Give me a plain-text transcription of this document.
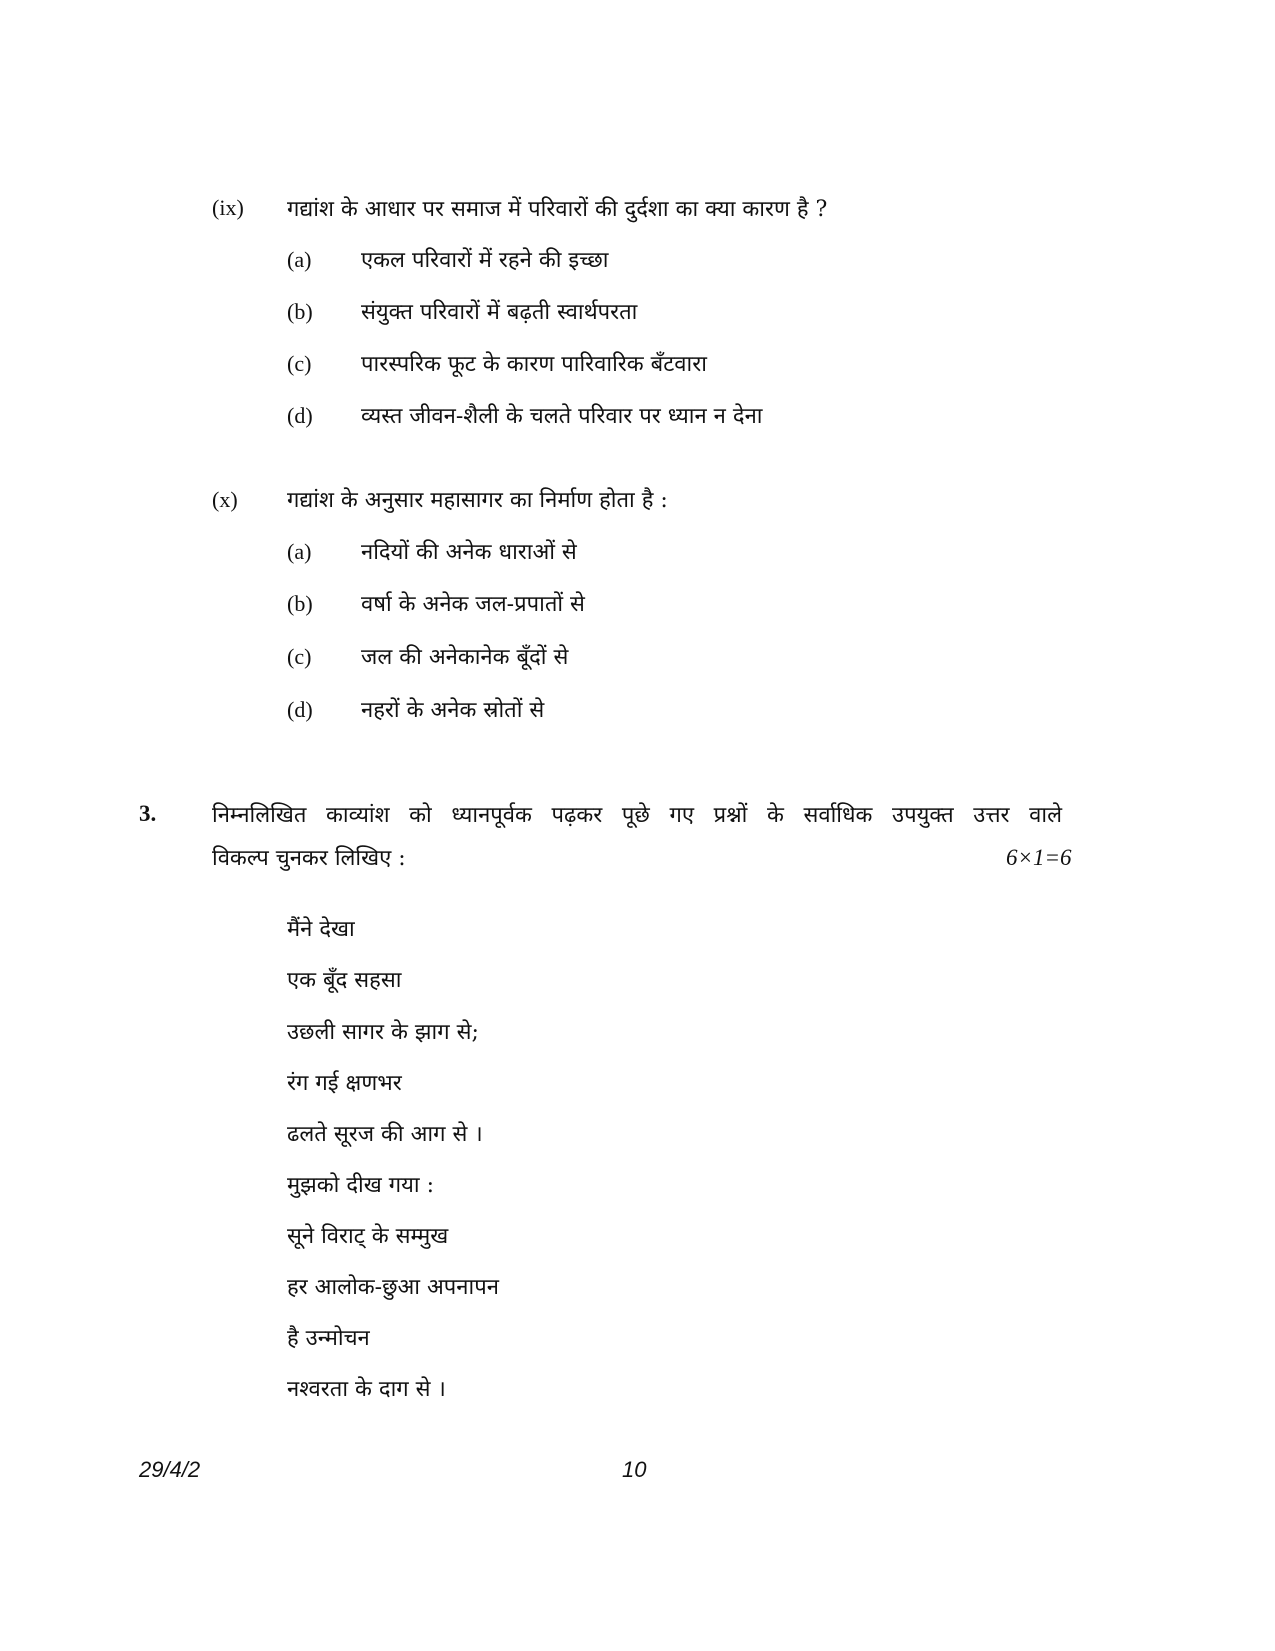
(ix) गद्यांश के आधार पर समाज में परिवारों की दुर्दशा का क्या कारण है ?
(a) एकल परिवारों में रहने की इच्छा
(b) संयुक्त परिवारों में बढ़ती स्वार्थपरता
(c) पारस्परिक फूट के कारण पारिवारिक बँटवारा
(d) व्यस्त जीवन-शैली के चलते परिवार पर ध्यान न देना
(x) गद्यांश के अनुसार महासागर का निर्माण होता है :
(a) नदियों की अनेक धाराओं से
(b) वर्षा के अनेक जल-प्रपातों से
(c) जल की अनेकानेक बूँदों से
(d) नहरों के अनेक स्रोतों से
3.	निम्नलिखित काव्यांश को ध्यानपूर्वक पढ़कर पूछे गए प्रश्नों के सर्वाधिक उपयुक्त उत्तर वाले
विकल्प चुनकर लिखिए :	6×1=6
मैंने देखा
एक बूँद सहसा
उछली सागर के झाग से;
रंग गई क्षणभर
ढलते सूरज की आग से ।
मुझको दीख गया :
सूने विराट् के सम्मुख
हर आलोक-छुआ अपनापन
है उन्मोचन
नश्वरता के दाग से ।
29/4/2	10
